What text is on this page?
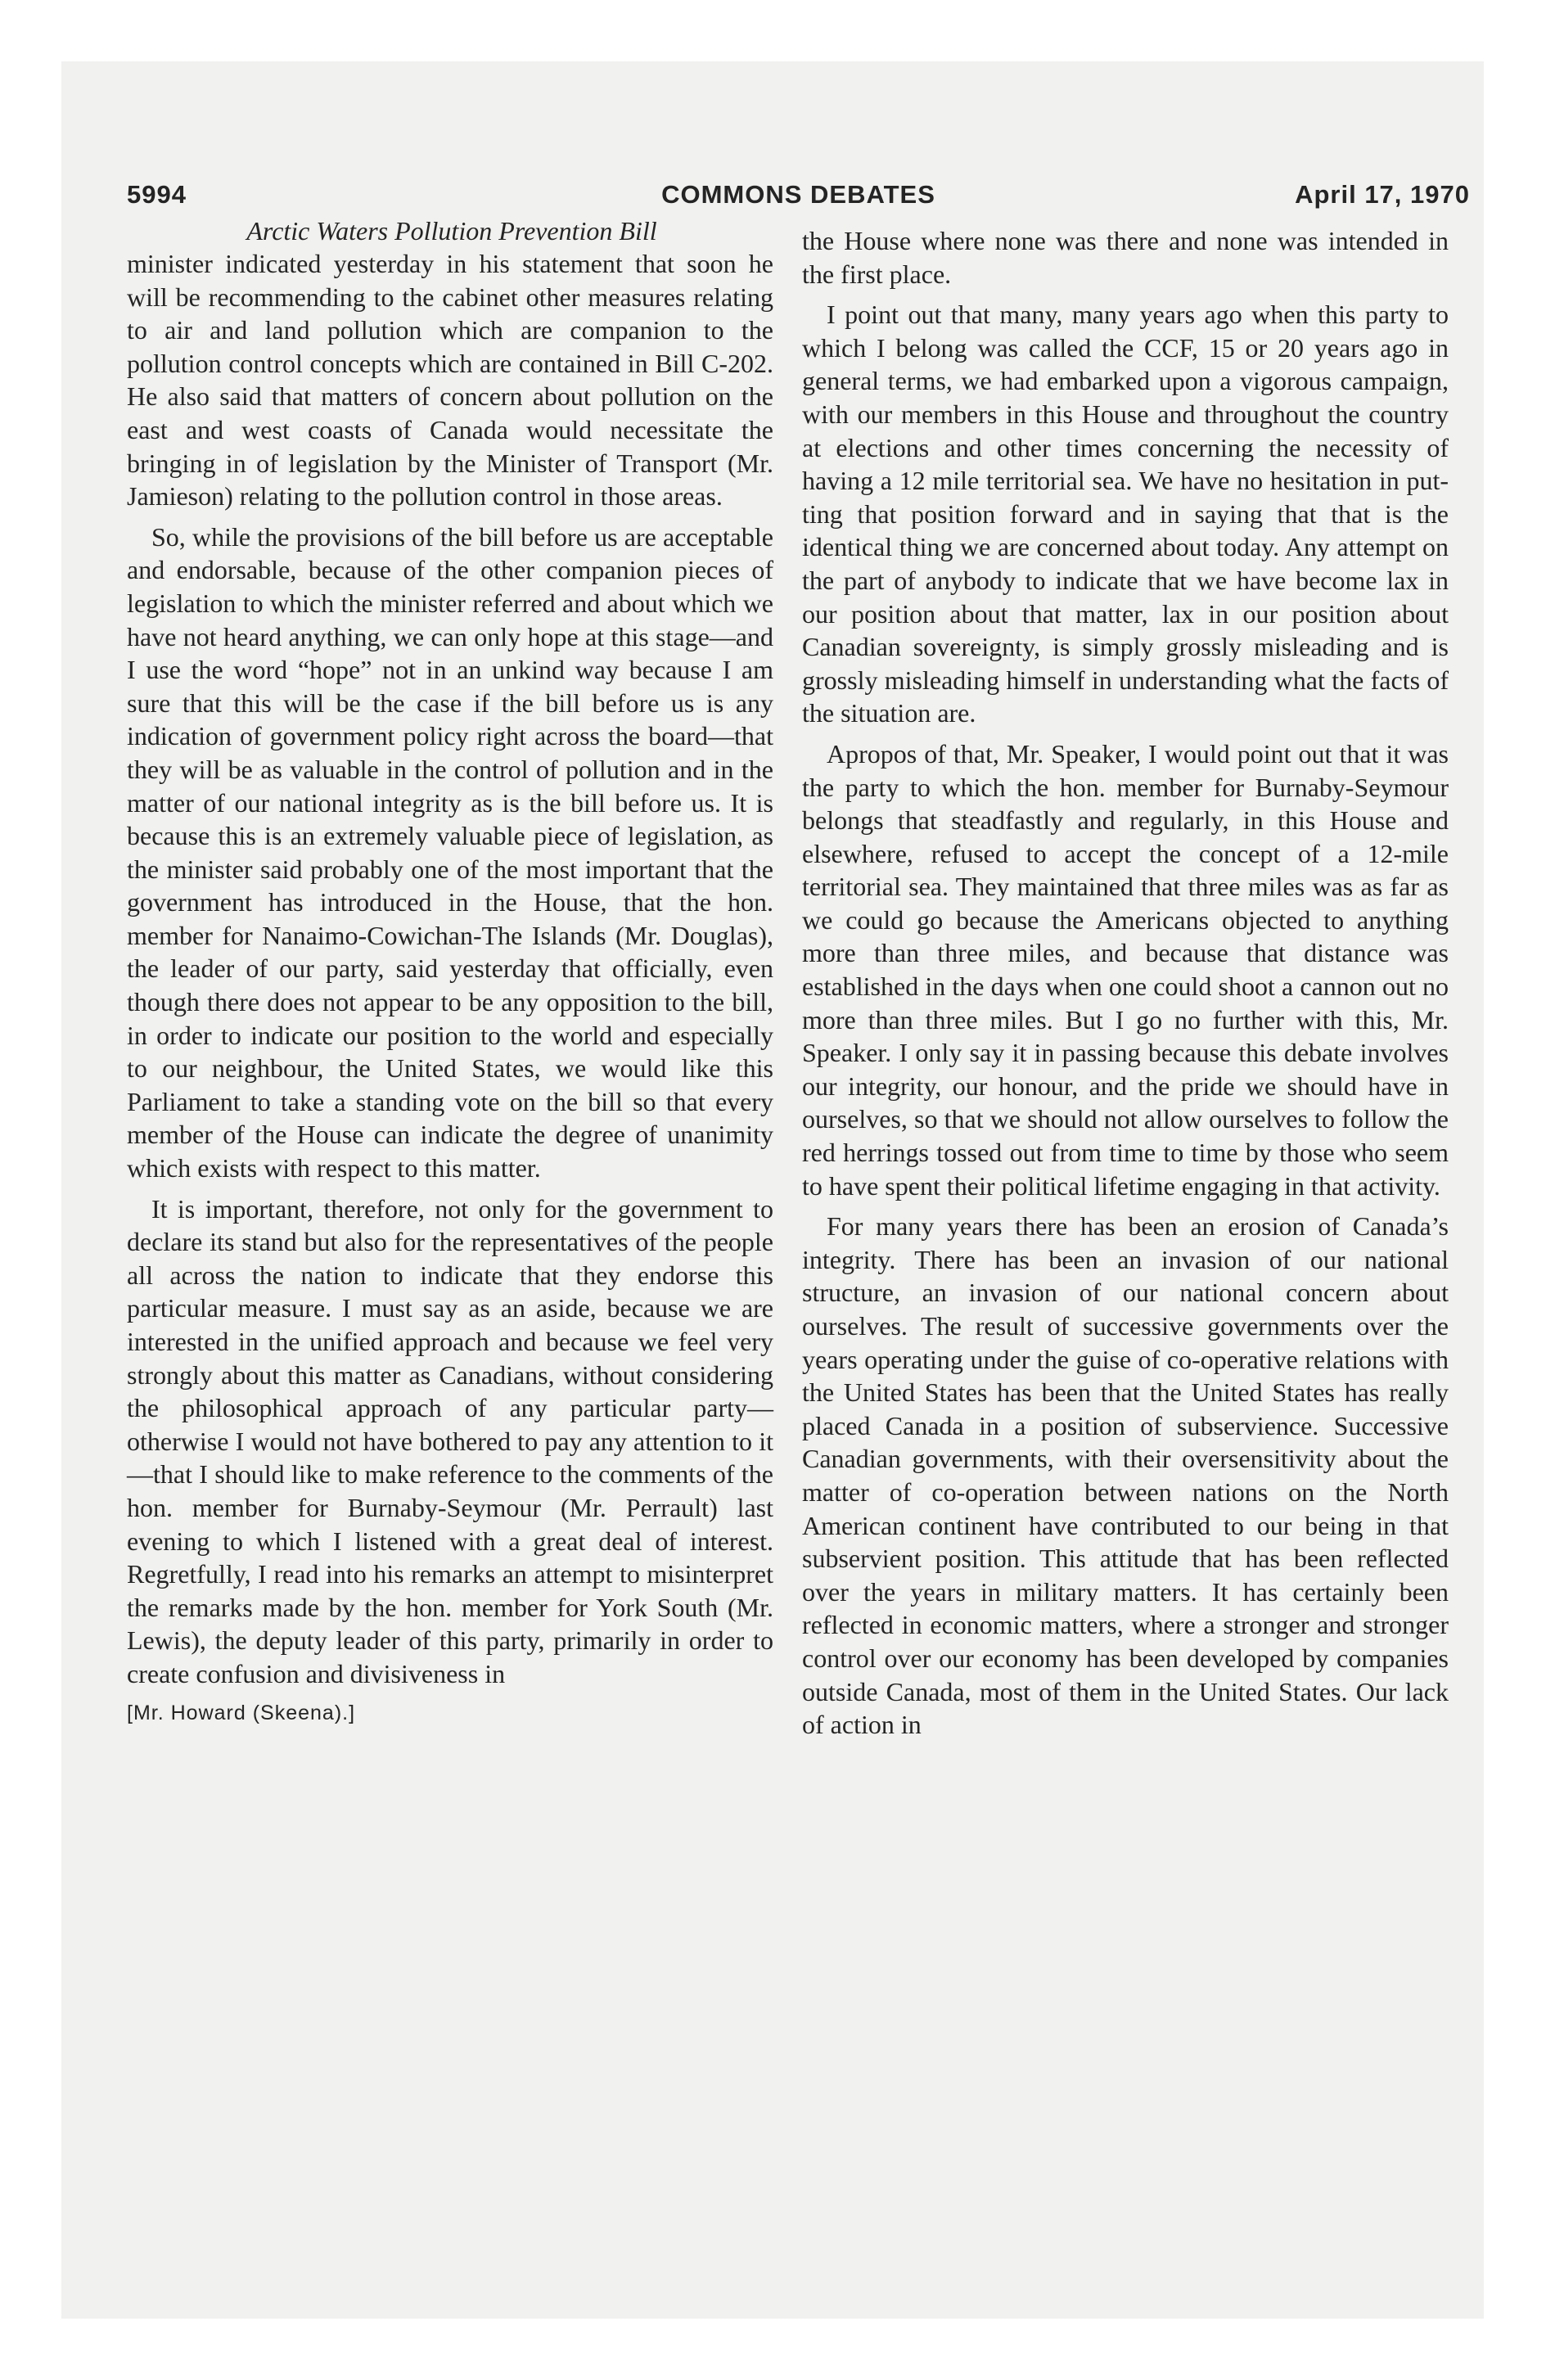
5994	COMMONS DEBATES	April 17, 1970
Arctic Waters Pollution Prevention Bill

minister indicated yesterday in his statement that soon he will be recommending to the cabinet other measures relating to air and land pollution which are companion to the pollution control concepts which are contained in Bill C-202. He also said that matters of concern about pollution on the east and west coasts of Canada would necessitate the bringing in of legislation by the Minister of Transport (Mr. Jamieson) relating to the pollution control in those areas.

So, while the provisions of the bill before us are acceptable and endorsable, because of the other companion pieces of legislation to which the minister referred and about which we have not heard anything, we can only hope at this stage—and I use the word “hope” not in an unkind way because I am sure that this will be the case if the bill before us is any indication of government policy right across the board—that they will be as valuable in the control of pollution and in the matter of our national integrity as is the bill before us. It is because this is an extremely valuable piece of legislation, as the minister said probably one of the most important that the government has introduced in the House, that the hon. member for Nanaimo-Cowichan-The Islands (Mr. Douglas), the leader of our party, said yesterday that officially, even though there does not appear to be any opposition to the bill, in order to indicate our position to the world and especially to our neighbour, the United States, we would like this Parliament to take a standing vote on the bill so that every member of the House can indicate the degree of unanimity which exists with respect to this matter.

It is important, therefore, not only for the government to declare its stand but also for the representatives of the people all across the nation to indicate that they endorse this particular measure. I must say as an aside, because we are interested in the unified approach and because we feel very strongly about this matter as Canadians, without considering the philosophical approach of any particular party—otherwise I would not have bothered to pay any attention to it—that I should like to make reference to the comments of the hon. member for Burnaby-Seymour (Mr. Perrault) last evening to which I listened with a great deal of interest. Regretfully, I read into his remarks an attempt to misinterpret the remarks made by the hon. member for York South (Mr. Lewis), the deputy leader of this party, primarily in order to create confusion and divisiveness in

[Mr. Howard (Skeena).]

the House where none was there and none was intended in the first place.

I point out that many, many years ago when this party to which I belong was called the CCF, 15 or 20 years ago in general terms, we had embarked upon a vigorous campaign, with our members in this House and throughout the country at elections and other times concerning the necessity of having a 12 mile territorial sea. We have no hesitation in putting that position forward and in saying that that is the identical thing we are concerned about today. Any attempt on the part of anybody to indicate that we have become lax in our position about that matter, lax in our position about Canadian sovereignty, is simply grossly misleading and is grossly misleading himself in understanding what the facts of the situation are.

Apropos of that, Mr. Speaker, I would point out that it was the party to which the hon. member for Burnaby-Seymour belongs that steadfastly and regularly, in this House and elsewhere, refused to accept the concept of a 12-mile territorial sea. They maintained that three miles was as far as we could go because the Americans objected to anything more than three miles, and because that distance was established in the days when one could shoot a cannon out no more than three miles. But I go no further with this, Mr. Speaker. I only say it in passing because this debate involves our integrity, our honour, and the pride we should have in ourselves, so that we should not allow ourselves to follow the red herrings tossed out from time to time by those who seem to have spent their political lifetime engaging in that activity.

For many years there has been an erosion of Canada’s integrity. There has been an invasion of our national structure, an invasion of our national concern about ourselves. The result of successive governments over the years operating under the guise of co-operative relations with the United States has been that the United States has really placed Canada in a position of subservience. Successive Canadian governments, with their oversensitivity about the matter of co-operation between nations on the North American continent have contributed to our being in that subservient position. This attitude that has been reflected over the years in military matters. It has certainly been reflected in economic matters, where a stronger and stronger control over our economy has been developed by companies outside Canada, most of them in the United States. Our lack of action in
